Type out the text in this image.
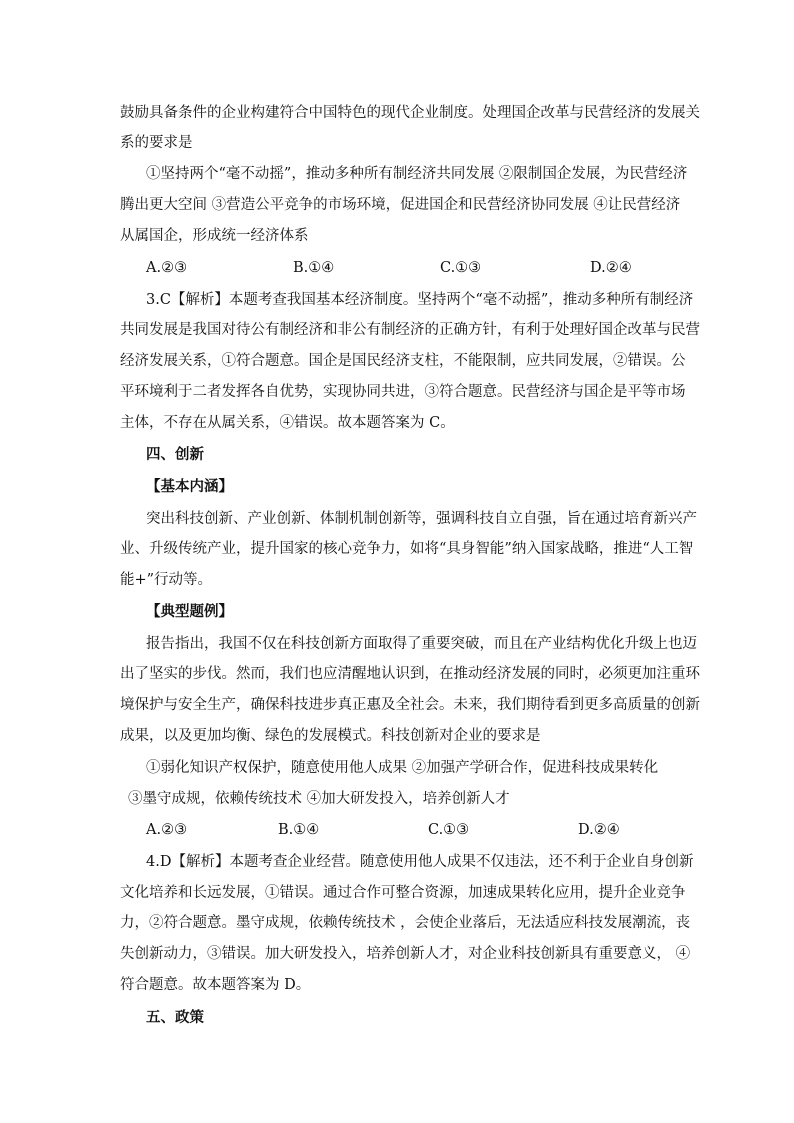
鼓励具备条件的企业构建符合中国特色的现代企业制度。处理国企改革与民营经济的发展关
系的要求是
①坚持两个“毫不动摇”，推动多种所有制经济共同发展 ②限制国企发展，为民营经济
腾出更大空间 ③营造公平竞争的市场环境，促进国企和民营经济协同发展 ④让民营经济
从属国企，形成统一经济体系
A.②③	B.①④	C.①③	D.②④
3.C【解析】本题考查我国基本经济制度。坚持两个“毫不动摇”，推动多种所有制经济
共同发展是我国对待公有制经济和非公有制经济的正确方针，有利于处理好国企改革与民营
经济发展关系，①符合题意。国企是国民经济支柱，不能限制，应共同发展，②错误。公
平环境利于二者发挥各自优势，实现协同共进，③符合题意。民营经济与国企是平等市场
主体，不存在从属关系，④错误。故本题答案为 C。
四、创新
【基本内涵】
突出科技创新、产业创新、体制机制创新等，强调科技自立自强，旨在通过培育新兴产
业、升级传统产业，提升国家的核心竞争力，如将“具身智能”纳入国家战略，推进“人工智
能+”行动等。
【典型题例】
报告指出，我国不仅在科技创新方面取得了重要突破，而且在产业结构优化升级上也迈
出了坚实的步伐。然而，我们也应清醒地认识到，在推动经济发展的同时，必须更加注重环
境保护与安全生产，确保科技进步真正惠及全社会。未来，我们期待看到更多高质量的创新
成果，以及更加均衡、绿色的发展模式。科技创新对企业的要求是
①弱化知识产权保护，随意使用他人成果 ②加强产学研合作，促进科技成果转化
③墨守成规，依赖传统技术 ④加大研发投入，培养创新人才
A.②③	B.①④	C.①③	D.②④
4.D【解析】本题考查企业经营。随意使用他人成果不仅违法，还不利于企业自身创新
文化培养和长远发展，①错误。通过合作可整合资源，加速成果转化应用，提升企业竞争
力，②符合题意。墨守成规，依赖传统技术 ，会使企业落后，无法适应科技发展潮流，丧
失创新动力，③错误。加大研发投入，培养创新人才，对企业科技创新具有重要意义， ④
符合题意。故本题答案为 D。
五、政策
